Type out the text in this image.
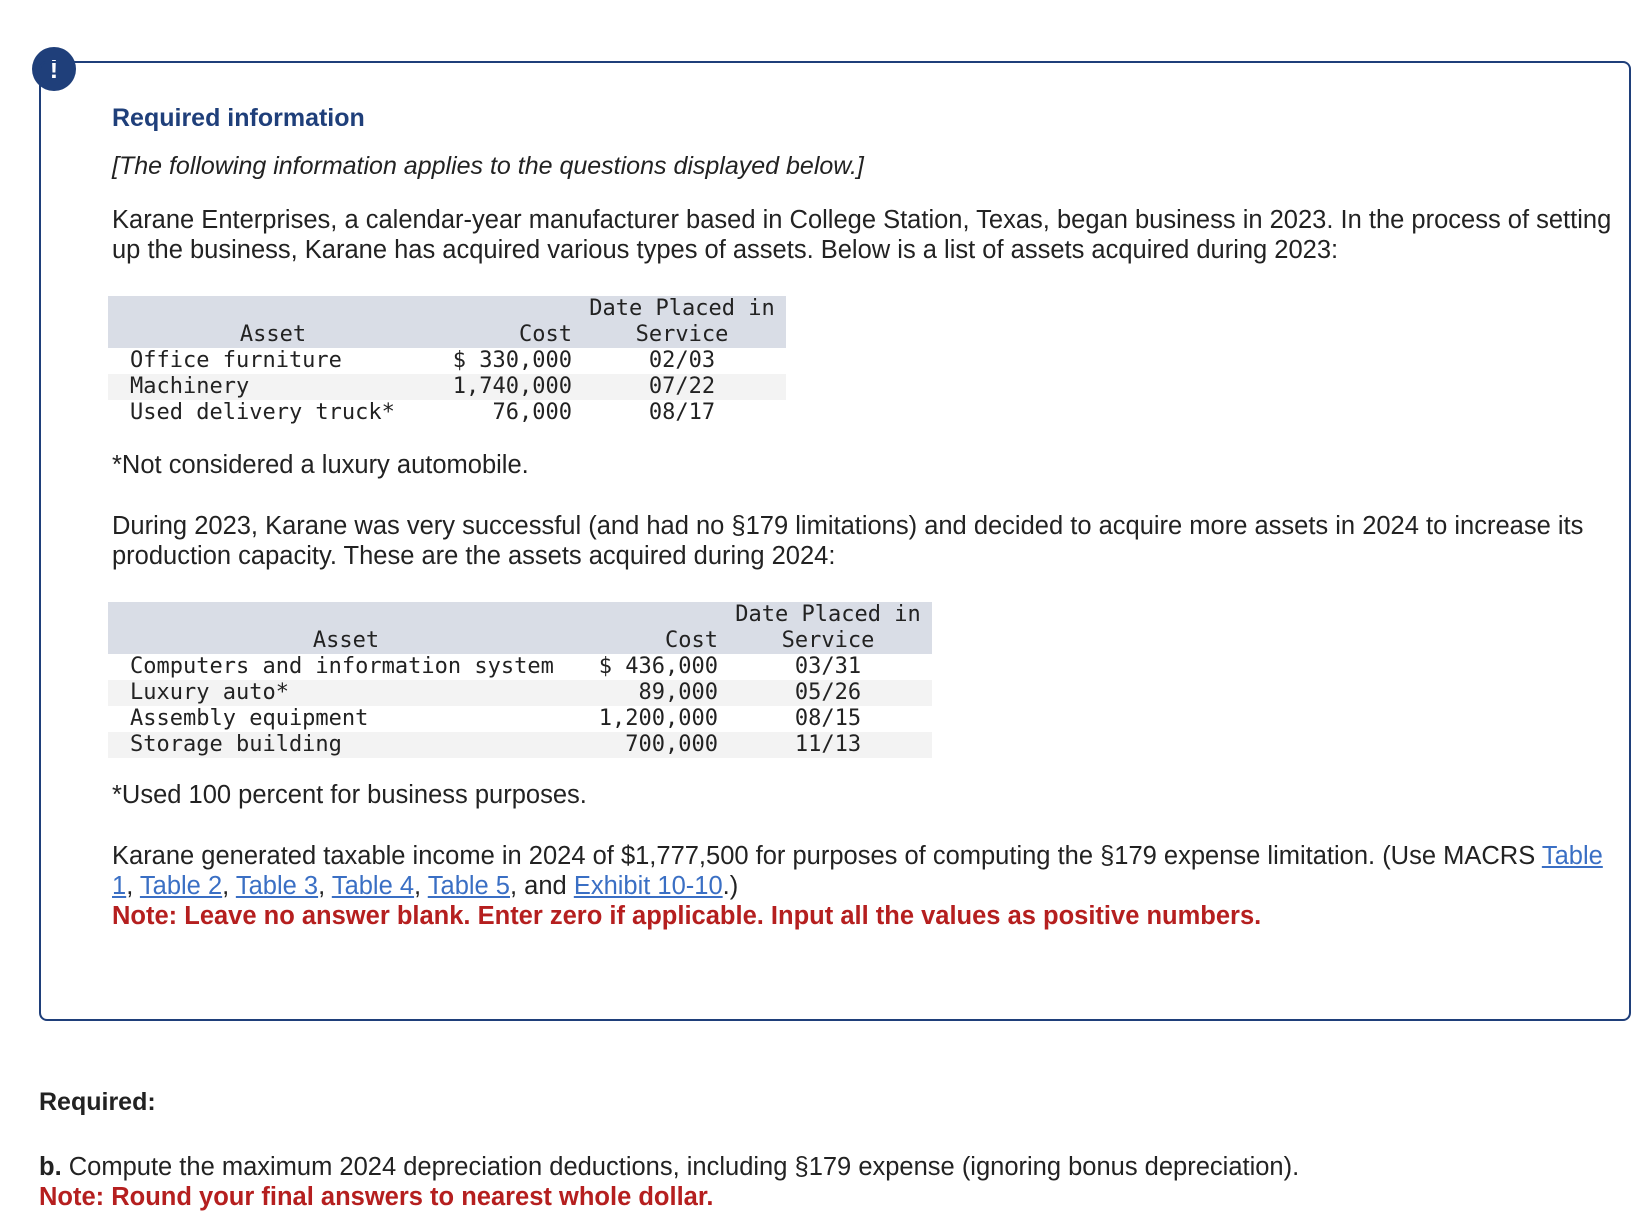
!
Required information
[The following information applies to the questions displayed below.]
Karane Enterprises, a calendar-year manufacturer based in College Station, Texas, began business in 2023. In the process of setting up the business, Karane has acquired various types of assets. Below is a list of assets acquired during 2023:
Asset	Cost	Date Placed in
Service
Office furniture	$ 330,000	02/03
Machinery	1,740,000	07/22
Used delivery truck*	76,000	08/17
*Not considered a luxury automobile.
During 2023, Karane was very successful (and had no §179 limitations) and decided to acquire more assets in 2024 to increase its production capacity. These are the assets acquired during 2024:
Asset	Cost	Date Placed in
Service
Computers and information system	$ 436,000	03/31
Luxury auto*	89,000	05/26
Assembly equipment	1,200,000	08/15
Storage building	700,000	11/13
*Used 100 percent for business purposes.
Karane generated taxable income in 2024 of $1,777,500 for purposes of computing the §179 expense limitation. (Use MACRS Table 1, Table 2, Table 3, Table 4, Table 5, and Exhibit 10-10.)
Note: Leave no answer blank. Enter zero if applicable. Input all the values as positive numbers.
Required:
b. Compute the maximum 2024 depreciation deductions, including §179 expense (ignoring bonus depreciation).
Note: Round your final answers to nearest whole dollar.
